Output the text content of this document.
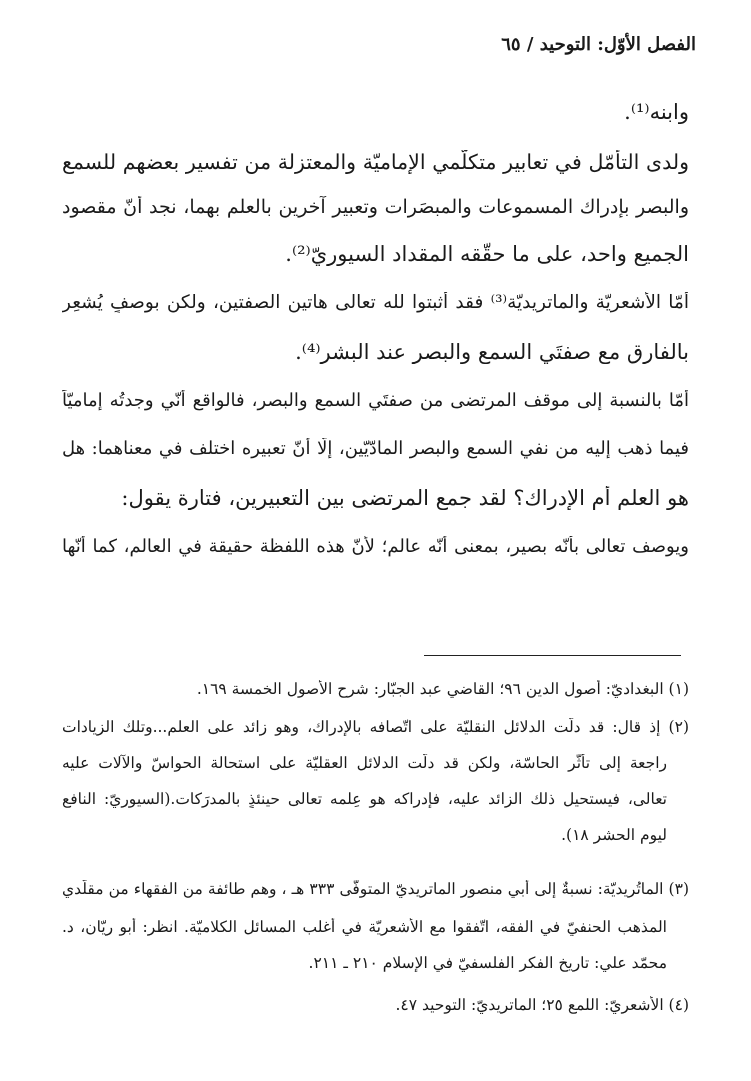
الفصل الأوّل: التوحيد / ٦٥
وابنه⁽¹⁾.
ولدى التأمّل في تعابير متكلّمي الإماميّة والمعتزلة من تفسير بعضهم للسمع
والبصر بإدراك المسموعات والمبصَرات وتعبير آخرين بالعلم بهما، نجد أنّ مقصود
الجميع واحد، على ما حقّقه المقداد السيوريّ⁽²⁾.
أمّا الأشعريّة والماتريديّة⁽³⁾ فقد أثبتوا لله تعالى هاتين الصفتين، ولكن بوصفٍ يُشعِر
بالفارق مع صفتَي السمع والبصر عند البشر⁽⁴⁾.
أمّا بالنسبة إلى موقف المرتضى من صفتَي السمع والبصر، فالواقع أنّي وجدتُه إماميّاً
فيما ذهب إليه من نفي السمع والبصر المادّيّين، إلّا أنّ تعبيره اختلف في معناهما: هل
هو العلم أم الإدراك؟ لقد جمع المرتضى بين التعبيرين، فتارة يقول:
ويوصف تعالى بأنّه بصير، بمعنى أنّه عالم؛ لأنّ هذه اللفظة حقيقة في العالم، كما أنّها
(١) البغداديّ: أصول الدين ٩٦؛ القاضي عبد الجبّار: شرح الأصول الخمسة ١٦٩.
(٢) إذ قال: قد دلّت الدلائل النقليّة على اتّصافه بالإدراك، وهو زائد على العلم...وتلك الزيادات
راجعة إلى تأثُّر الحاسّة، ولكن قد دلّت الدلائل العقليّة على استحالة الحواسّ والآلات عليه
تعالى، فيستحيل ذلك الزائد عليه، فإدراكه هو عِلمه تعالى حينئذٍ بالمدرَكات.(السيوريّ: النافع
ليوم الحشر ١٨).
(٣) الماتُريديّة: نسبةٌ إلى أبي منصور الماتريديّ المتوفّى ٣٣٣ هـ ، وهم طائفة من الفقهاء من مقلّدي
المذهب الحنفيّ في الفقه، اتّفقوا مع الأشعريّة في أغلب المسائل الكلاميّة. انظر: أبو ريّان، د.
محمّد علي: تاريخ الفكر الفلسفيّ في الإسلام ٢١٠ ـ ٢١١.
(٤) الأشعريّ: اللمع ٢٥؛ الماتريديّ: التوحيد ٤٧.
